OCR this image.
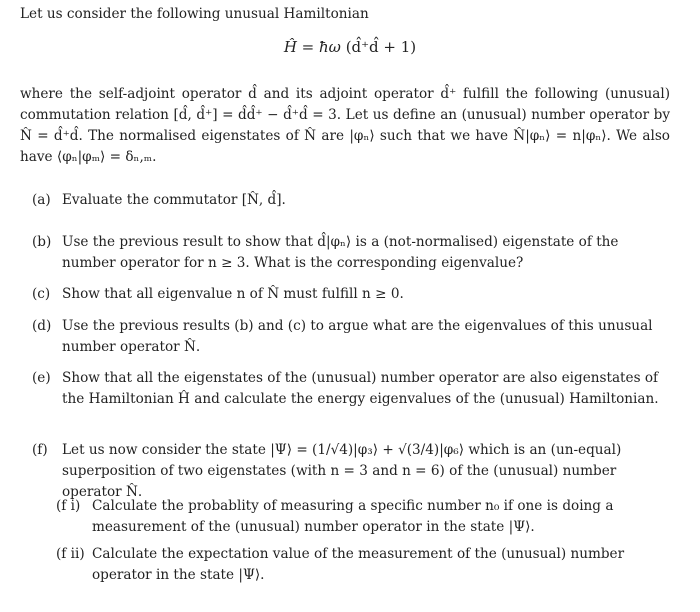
Let us consider the following unusual Hamiltonian
Ĥ = ħω (d̂⁺d̂ + 1)
where the self-adjoint operator d̂ and its adjoint operator d̂⁺ fulfill the following (unusual) commutation relation [d̂, d̂⁺] = d̂d̂⁺ − d̂⁺d̂ = 3. Let us define an (unusual) number operator by N̂ = d̂⁺d̂. The normalised eigenstates of N̂ are |φₙ⟩ such that we have N̂|φₙ⟩ = n|φₙ⟩. We also have ⟨φₙ|φₘ⟩ = δₙ,ₘ.
(a) Evaluate the commutator [N̂, d̂].
(b) Use the previous result to show that d̂|φₙ⟩ is a (not-normalised) eigenstate of the number operator for n ≥ 3. What is the corresponding eigenvalue?
(c) Show that all eigenvalue n of N̂ must fulfill n ≥ 0.
(d) Use the previous results (b) and (c) to argue what are the eigenvalues of this unusual number operator N̂.
(e) Show that all the eigenstates of the (unusual) number operator are also eigenstates of the Hamiltonian Ĥ and calculate the energy eigenvalues of the (unusual) Hamiltonian.
(f) Let us now consider the state |Ψ⟩ = (1/√4)|φ₃⟩ + √(3/4)|φ₆⟩ which is an (un-equal) superposition of two eigenstates (with n = 3 and n = 6) of the (unusual) number operator N̂.
(f i) Calculate the probablity of measuring a specific number n₀ if one is doing a measurement of the (unusual) number operator in the state |Ψ⟩.
(f ii) Calculate the expectation value of the measurement of the (unusual) number operator in the state |Ψ⟩.
